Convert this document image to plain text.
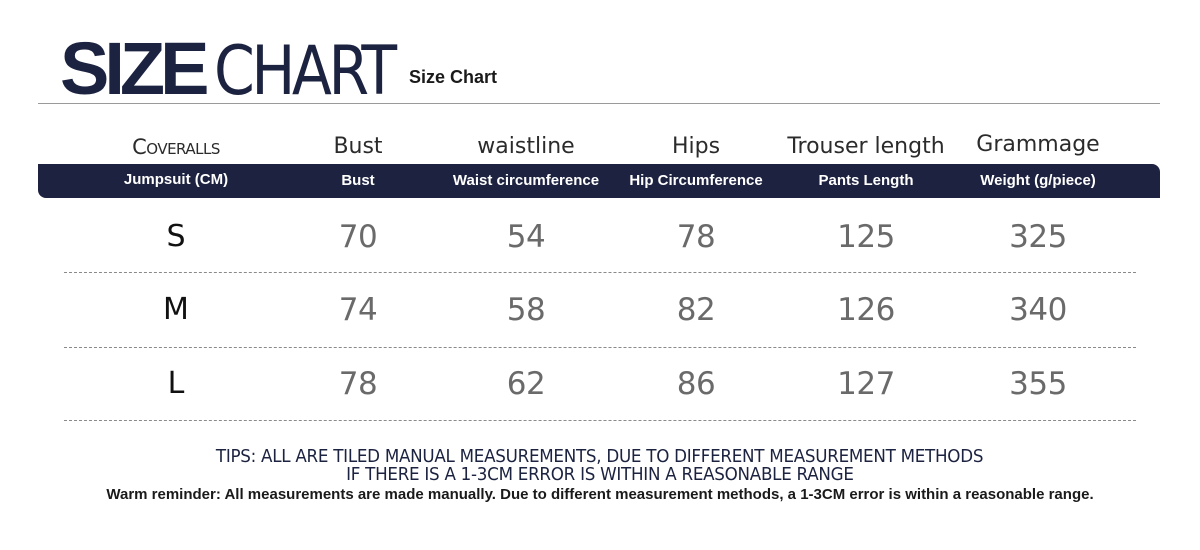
SIZE CHART Size Chart
Coveralls	Bust	waistline	Hips	Trouser length	Grammage
Jumpsuit (CM)	Bust	Waist circumference	Hip Circumference	Pants Length	Weight (g/piece)
S	70	54	78	125	325
M	74	58	82	126	340
L	78	62	86	127	355
TIPS: ALL ARE TILED MANUAL MEASUREMENTS, DUE TO DIFFERENT MEASUREMENT METHODS
IF THERE IS A 1-3CM ERROR IS WITHIN A REASONABLE RANGE
Warm reminder: All measurements are made manually. Due to different measurement methods, a 1-3CM error is within a reasonable range.
